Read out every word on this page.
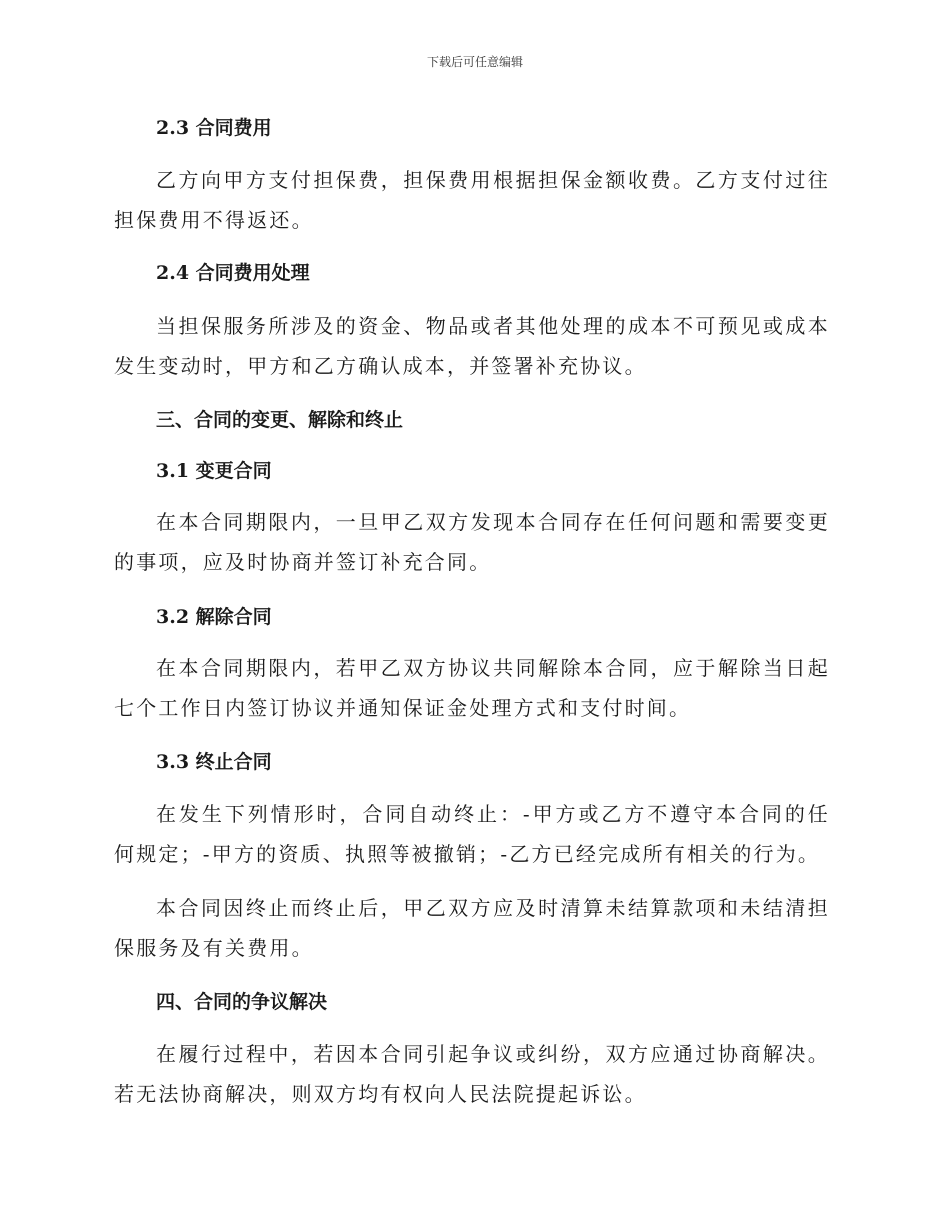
下载后可任意编辑
2.3 合同费用
乙方向甲方支付担保费，担保费用根据担保金额收费。乙方支付过往担保费用不得返还。
2.4 合同费用处理
当担保服务所涉及的资金、物品或者其他处理的成本不可预见或成本发生变动时，甲方和乙方确认成本，并签署补充协议。
三、合同的变更、解除和终止
3.1 变更合同
在本合同期限内，一旦甲乙双方发现本合同存在任何问题和需要变更的事项，应及时协商并签订补充合同。
3.2 解除合同
在本合同期限内，若甲乙双方协议共同解除本合同，应于解除当日起七个工作日内签订协议并通知保证金处理方式和支付时间。
3.3 终止合同
在发生下列情形时，合同自动终止：-甲方或乙方不遵守本合同的任何规定；-甲方的资质、执照等被撤销；-乙方已经完成所有相关的行为。
本合同因终止而终止后，甲乙双方应及时清算未结算款项和未结清担保服务及有关费用。
四、合同的争议解决
在履行过程中，若因本合同引起争议或纠纷，双方应通过协商解决。若无法协商解决，则双方均有权向人民法院提起诉讼。
